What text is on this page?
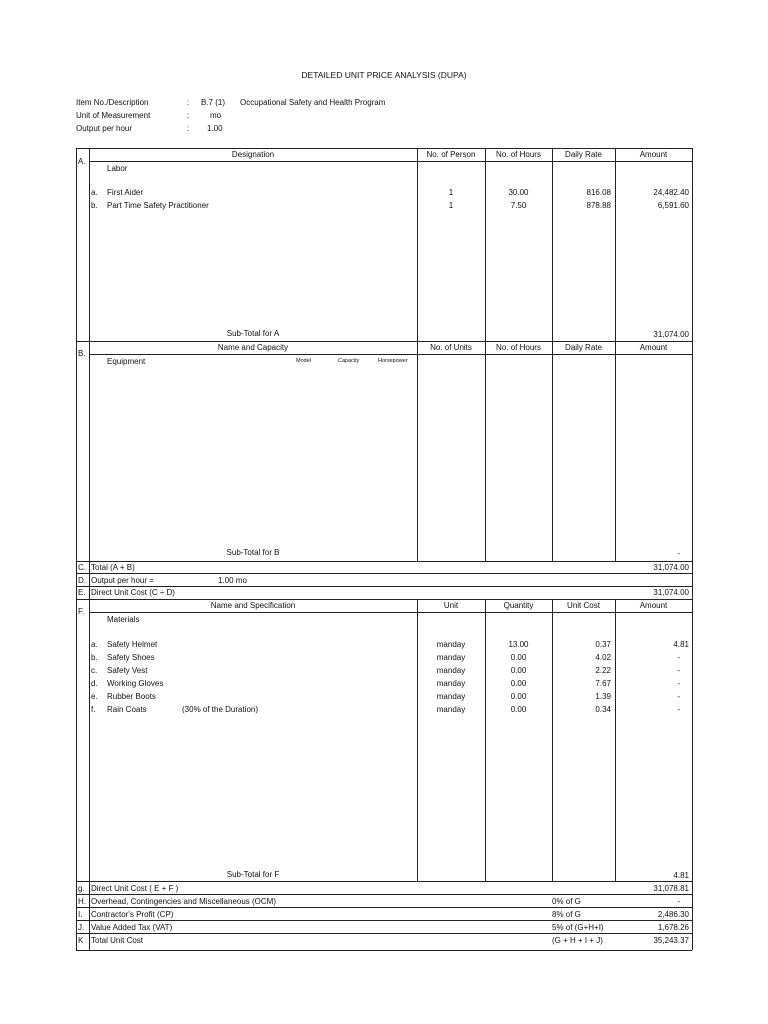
DETAILED UNIT PRICE ANALYSIS (DUPA)
Item No./Description	: B.7 (1) Occupational Safety and Health Program
Unit of Measurement	:	mo
Output per hour	: 1.00
A.
Designation	No. of Person	No. of Hours	Daily Rate	Amount
Labor
a. First Aider	1	30.00	816.08	24,482.40
b. Part Time Safety Practitioner	1	7.50	878.88	6,591.60
Sub-Total for A	31,074.00
B.
Name and Capacity	No. of Units	No. of Hours	Daily Rate	Amount
Equipment	Model	Capacity	Horsepower
Sub-Total for B	-
C. Total (A + B)	31,074.00
D. Output per hour =	1.00 mo
E. Direct Unit Cost (C ÷ D)	31,074.00
F.
Name and Specification	Unit	Quantity	Unit Cost	Amount
Materials
a. Safety Helmet	manday	13.00	0.37	4.81
b. Safety Shoes	manday	0.00	4.02	-
c. Safety Vest	manday	0.00	2.22	-
d. Working Gloves	manday	0.00	7.67	-
e. Rubber Boots	manday	0.00	1.39	-
f. Rain Coats	(30% of the Duration)	manday	0.00	0.34	-
Sub-Total for F	4.81
g. Direct Unit Cost ( E + F )	31,078.81
H. Overhead, Contingencies and Miscellaneous (OCM)	0% of G	-
I. Contractor's Profit (CP)	8% of G	2,486.30
J. Value Added Tax (VAT)	5% of (G+H+I)	1,678.26
K Total Unit Cost	(G + H + I + J)	35,243.37
